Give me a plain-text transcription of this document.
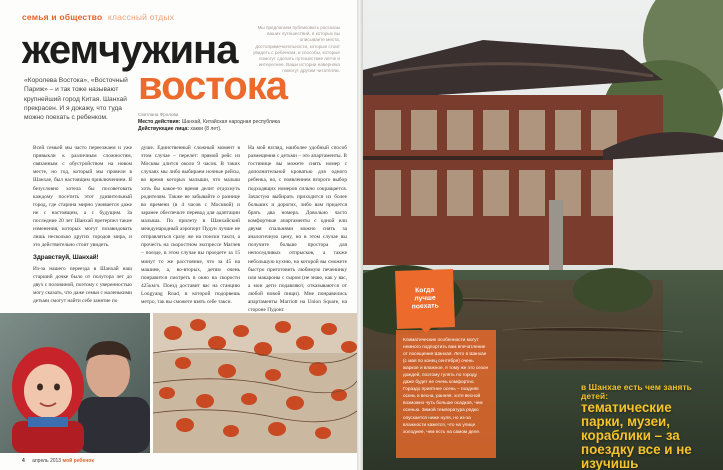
семья и общество классный отдых
жемчужина
востока
«Королева Востока», «Восточный Париж» – и так тоже называют крупнейший город Китая. Шанхай прекрасен. И я докажу, что туда можно поехать с ребенком.
Мы предлагаем публиковать рассказы ваших путешествий, в которых вы описываете места, достопримечательности, которые стоит увидеть с ребенком, и способы, которые помогут сделать путешествие легче и интереснее. Ваши истории наверняка помогут другим читателям.
Светлана Фролова
Место действия: Шанхай, Китайская народная республика
Действующие лица: хакки (8 лет).

Всей семьей мы часто переезжаем и уже привыкли к различным сложностям, связанным с обустройством на новом месте, но год, который мы провели в Шанхае, был настоящим приключением. Я безусловно хотела бы посоветовать каждому посетить этот удивительный город, где старина мирно уживается даже не с настоящим, а с будущим. За последние 20 лет Шанхай претерпел такие изменения, которых могут позавидовать лишь несколько других городов мира, и это действительно стоит увидеть.

Здравствуй, Шанхай!

Из-за нашего переезда в Шанхай наш старший дочке было от полутора лет до двух с половиной, поэтому с уверенностью могу сказать, что даже семьи с маленькими детьми смогут найти себе занятие по

душе. Единственный сложный момент в этом случае – перелет: прямой рейс из Москвы длится около 9 часов. В таких случаях мы либо выбираем ночные рейсы, во время которых малыши, что малыш хоть бы какое-то время делит отдохнуть родителям. Также не забывайте о разнице во времени (в 4 часов с Москвой) и заранее обеспечьте перевод для адаптации малыша. По прилету в Шанхайский международный аэропорт Пудун лучше не отправляться сразу же на поиски такси, а прочесть на скоростном экспрессе Маглев – поезде, в этом случае вы проедете за 15 минут то же расстояние, что за 45 на машине, а, во-вторых, детям очень понравится смотреть в окно на скорости 425км/ч. Поезд доставит вас на станцию Longyang Road, в которой подорвешь метро, так вы сможете взять себе такси.

На мой взгляд, наиболее удобный способ размещения с детьми – это апартаменты. В гостинице вы можете снять номер с дополнительной кроватью для одного ребенка, но, с появлением второго выбор подходящих номеров сильно сокращается. Зачастую выбирать приходится из более больших и дорогих, либо вам придется брать два номера. Довольно часто комфортные апартаменты с одной или двумя спальнями можно снять за аналогичную цену, но в этом случае вы получите больше простора для непоседливых отпрысков, а также небольшую кухню, на которой вы сможете быстро приготовить любимую печенинку или макароны с сыром (не знаю, как у вас, а мои дети подавляют, отказываются от любой новой пищи). Мне понравились апартаменты Marriott на Union Square, на стороне Пудонг.

4 апрель 2013 мой ребенок
Когда
лучше
поехать
Климатические особенности могут немного подпортить вам впечатление от посещения Шанхая. Лето в Шанхае (с мая по конец сентября) очень жаркое и влажное, я тому же это сезон дождей, поэтому гулять по городу даже будет не очень комфортно. Гораздо приятнее осень – поздняя осень и весна, ранняя, хотя весной возможно чуть больше осадков, чем осенью. Зимой температура редко опускается ниже нуля, но из-за влажности кажется, что на улице холоднее, чем есть на самом деле.
в Шанхае есть чем занять детей:
тематические парки, музеи, кораблики – за поездку все и не изучишь
